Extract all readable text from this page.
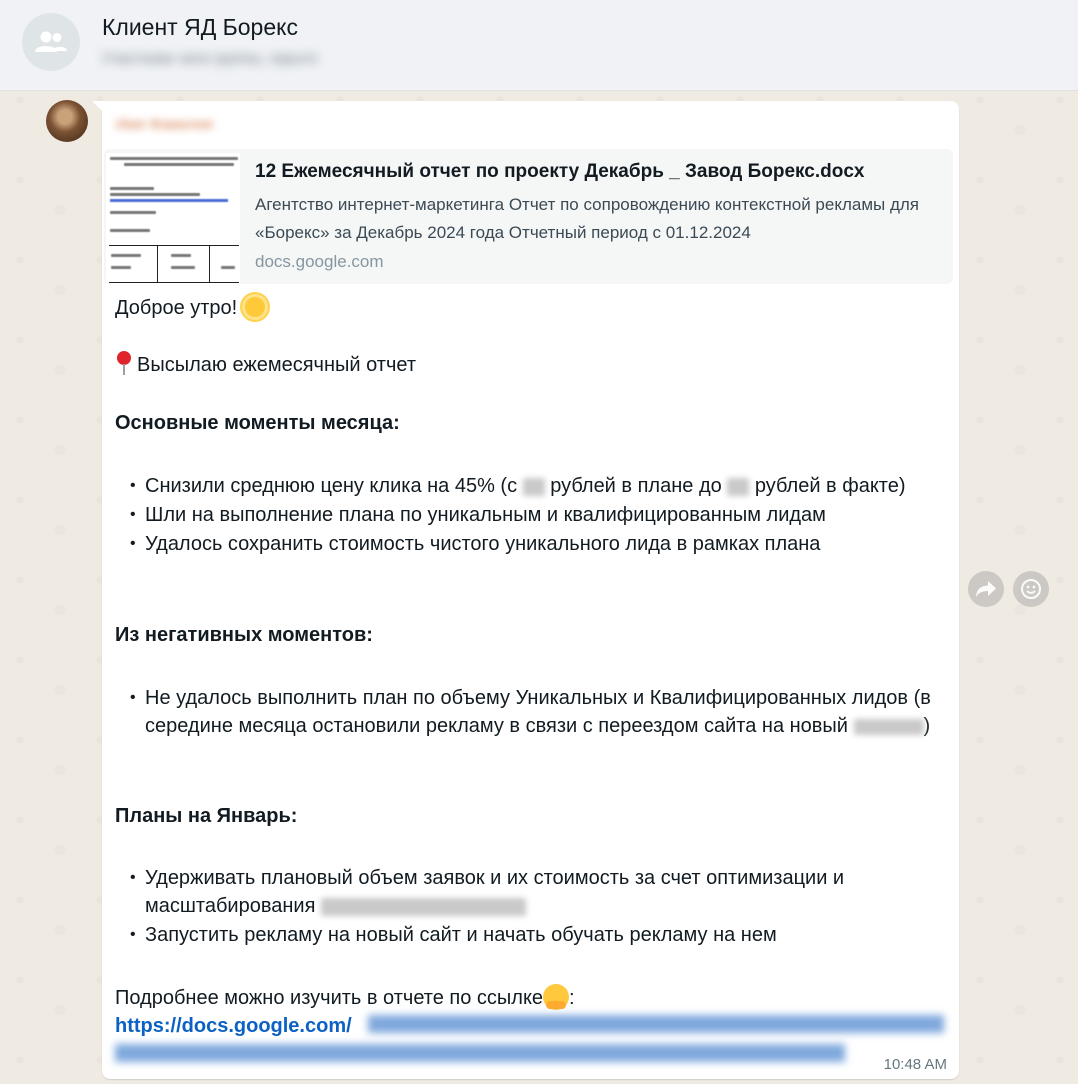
Клиент ЯД Борекс
Участники чата группы, скрыто
Имя Фамилия
12 Ежемесячный отчет по проекту Декабрь _ Завод Борекс.docx
Агентство интернет-маркетинга Отчет по сопровождению контекстной рекламы для «Борекс» за Декабрь 2024 года Отчетный период с 01.12.2024
docs.google.com
Доброе утро!
Высылаю ежемесячный отчет
Основные моменты месяца:
• Снизили среднюю цену клика на 45% (с  рублей в плане до  рублей в факте)
• Шли на выполнение плана по уникальным и квалифицированным лидам
• Удалось сохранить стоимость чистого уникального лида в рамках плана
Из негативных моментов:
• Не удалось выполнить план по объему Уникальных и Квалифицированных лидов (в середине месяца остановили рекламу в связи с переездом сайта на новый	)
Планы на Январь:
• Удерживать плановый объем заявок и их стоимость за счет оптимизации и масштабирования
• Запустить рекламу на новый сайт и начать обучать рекламу на нем
Подробнее можно изучить в отчете по ссылке :
https://docs.google.com/
10:48 AM
